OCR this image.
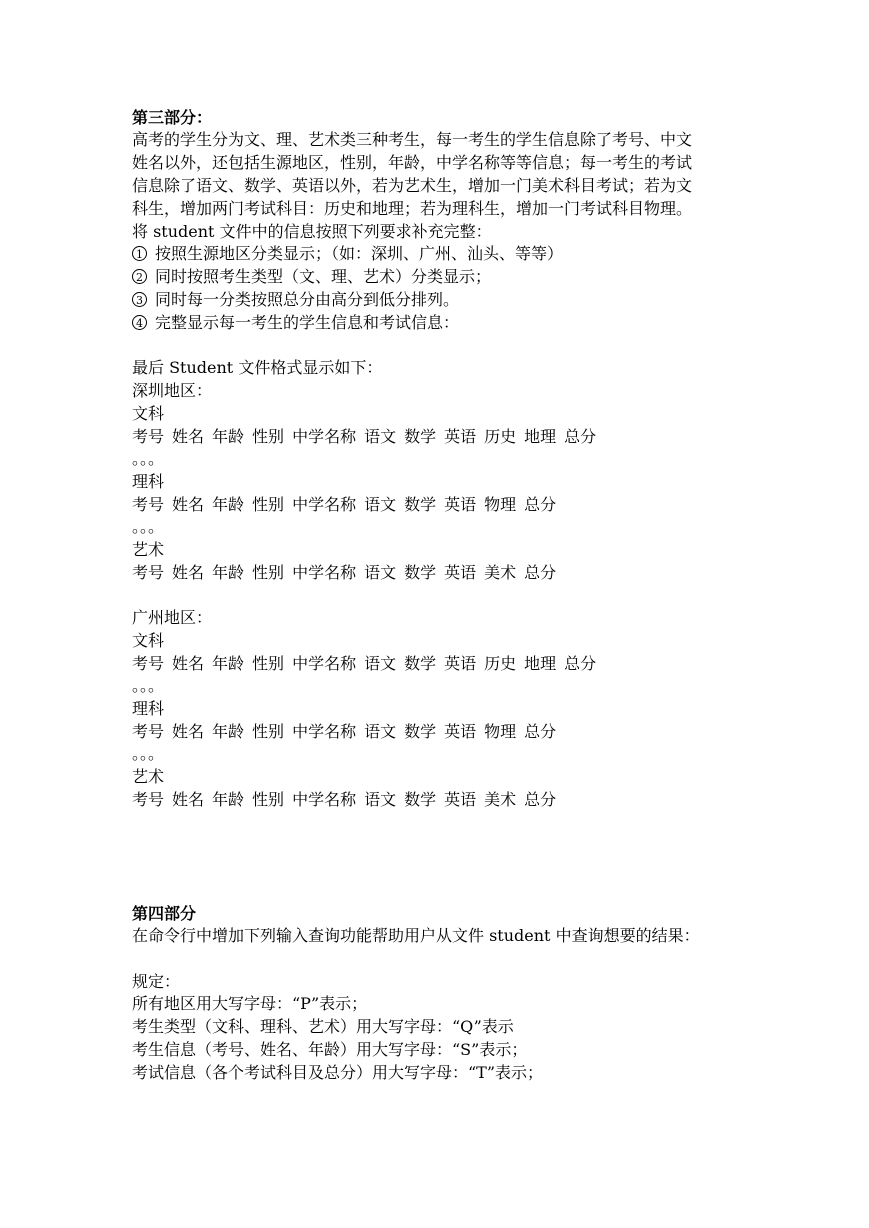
第三部分：
高考的学生分为文、理、艺术类三种考生，每一考生的学生信息除了考号、中文
姓名以外，还包括生源地区，性别，年龄，中学名称等等信息；每一考生的考试
信息除了语文、数学、英语以外，若为艺术生，增加一门美术科目考试；若为文
科生，增加两门考试科目：历史和地理；若为理科生，增加一门考试科目物理。
将 student 文件中的信息按照下列要求补充完整：
1 按照生源地区分类显示；（如：深圳、广州、汕头、等等）
2 同时按照考生类型（文、理、艺术）分类显示；
3 同时每一分类按照总分由高分到低分排列。
4 完整显示每一考生的学生信息和考试信息：
最后 Student 文件格式显示如下：
深圳地区：
文科
考号 姓名 年龄 性别 中学名称 语文 数学 英语 历史 地理 总分
。。。
理科
考号 姓名 年龄 性别 中学名称 语文 数学 英语 物理 总分
。。。
艺术
考号 姓名 年龄 性别 中学名称 语文 数学 英语 美术 总分
广州地区：
文科
考号 姓名 年龄 性别 中学名称 语文 数学 英语 历史 地理 总分
。。。
理科
考号 姓名 年龄 性别 中学名称 语文 数学 英语 物理 总分
。。。
艺术
考号 姓名 年龄 性别 中学名称 语文 数学 英语 美术 总分
第四部分
在命令行中增加下列输入查询功能帮助用户从文件 student 中查询想要的结果：
规定：
所有地区用大写字母：“P”表示；
考生类型（文科、理科、艺术）用大写字母：“Q”表示
考生信息（考号、姓名、年龄）用大写字母：“S”表示；
考试信息（各个考试科目及总分）用大写字母：“T”表示；
